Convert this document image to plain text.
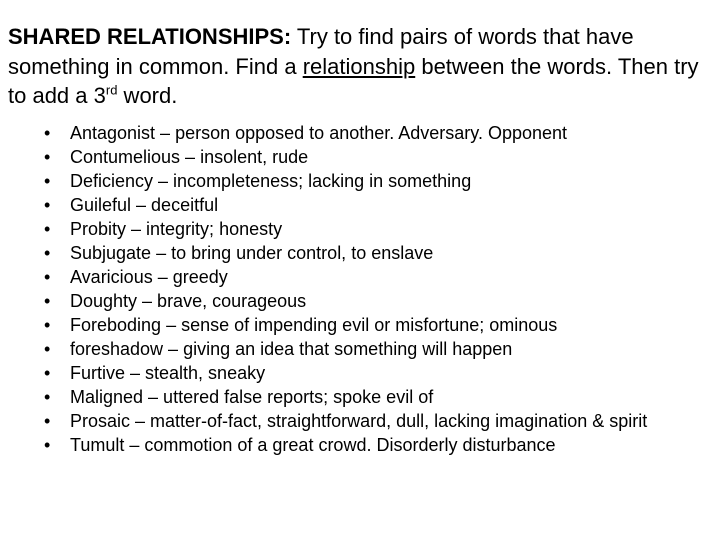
SHARED RELATIONSHIPS: Try to find pairs of words that have something in common. Find a relationship between the words. Then try to add a 3rd word.

• Antagonist – person opposed to another. Adversary. Opponent
• Contumelious – insolent, rude
• Deficiency – incompleteness; lacking in something
• Guileful – deceitful
• Probity – integrity; honesty
• Subjugate – to bring under control, to enslave
• Avaricious – greedy
• Doughty – brave, courageous
• Foreboding – sense of impending evil or misfortune; ominous
• foreshadow – giving an idea that something will happen
• Furtive – stealth, sneaky
• Maligned – uttered false reports; spoke evil of
• Prosaic – matter-of-fact, straightforward, dull, lacking imagination & spirit
• Tumult – commotion of a great crowd. Disorderly disturbance
